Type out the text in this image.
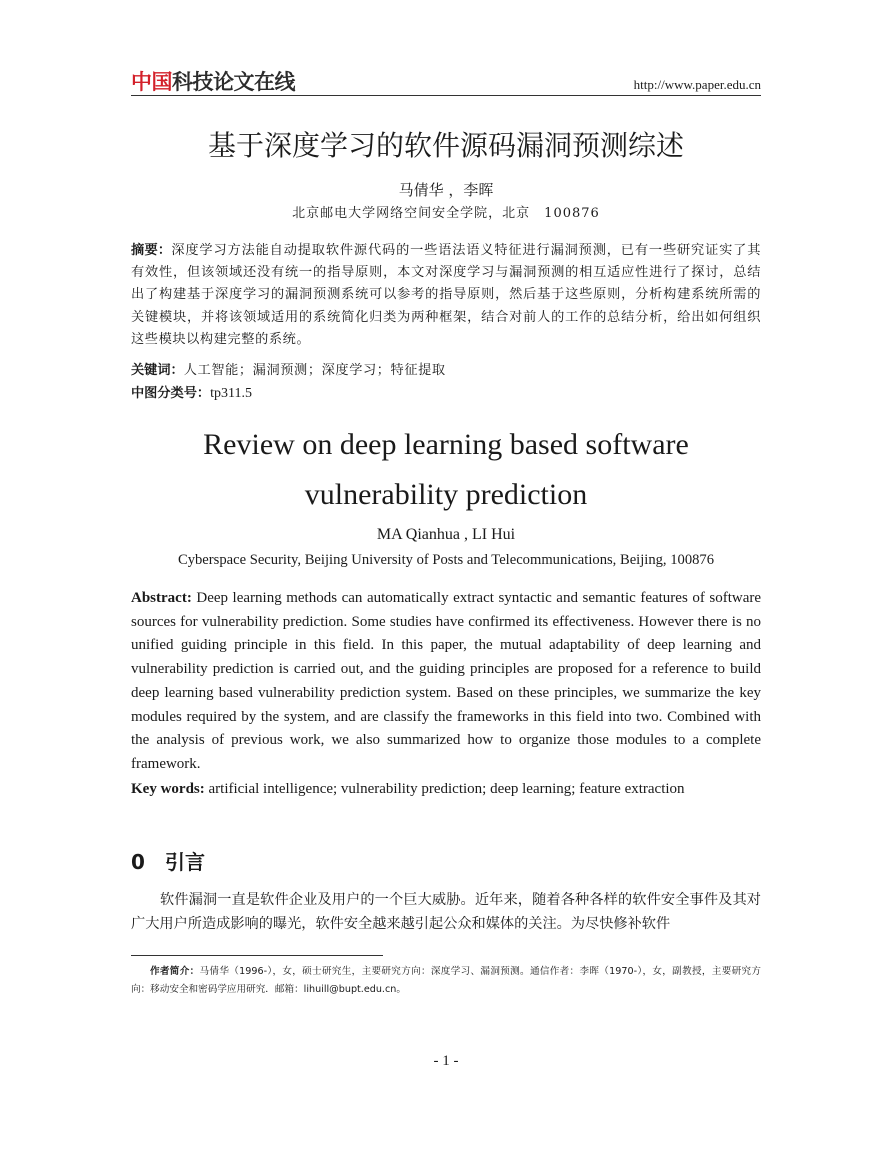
中国科技论文在线	http://www.paper.edu.cn
基于深度学习的软件源码漏洞预测综述
马倩华 ，李晖
北京邮电大学网络空间安全学院，北京　100876
摘要：深度学习方法能自动提取软件源代码的一些语法语义特征进行漏洞预测，已有一些研究证实了其有效性，但该领域还没有统一的指导原则，本文对深度学习与漏洞预测的相互适应性进行了探讨，总结出了构建基于深度学习的漏洞预测系统可以参考的指导原则，然后基于这些原则，分析构建系统所需的关键模块，并将该领域适用的系统简化归类为两种框架，结合对前人的工作的总结分析，给出如何组织这些模块以构建完整的系统。
关键词：人工智能；漏洞预测；深度学习；特征提取
中图分类号：tp311.5
Review on deep learning based software
vulnerability prediction
MA Qianhua , LI Hui
Cyberspace Security, Beijing University of Posts and Telecommunications, Beijing, 100876
Abstract: Deep learning methods can automatically extract syntactic and semantic features of software sources for vulnerability prediction. Some studies have confirmed its effectiveness. However there is no unified guiding principle in this field. In this paper, the mutual adaptability of deep learning and vulnerability prediction is carried out, and the guiding principles are proposed for a reference to build deep learning based vulnerability prediction system. Based on these principles, we summarize the key modules required by the system, and are classify the frameworks in this field into two. Combined with the analysis of previous work, we also summarized how to organize those modules to a complete framework.
Key words: artificial intelligence; vulnerability prediction; deep learning; feature extraction
0 引言
软件漏洞一直是软件企业及用户的一个巨大威胁。近年来，随着各种各样的软件安全事件及其对广大用户所造成影响的曝光，软件安全越来越引起公众和媒体的关注。为尽快修补软件
作者简介：马倩华（1996-），女，硕士研究生，主要研究方向：深度学习、漏洞预测。通信作者：李晖（1970-），女，副教授，主要研究方向：移动安全和密码学应用研究．邮箱：lihuill@bupt.edu.cn。
- 1 -
